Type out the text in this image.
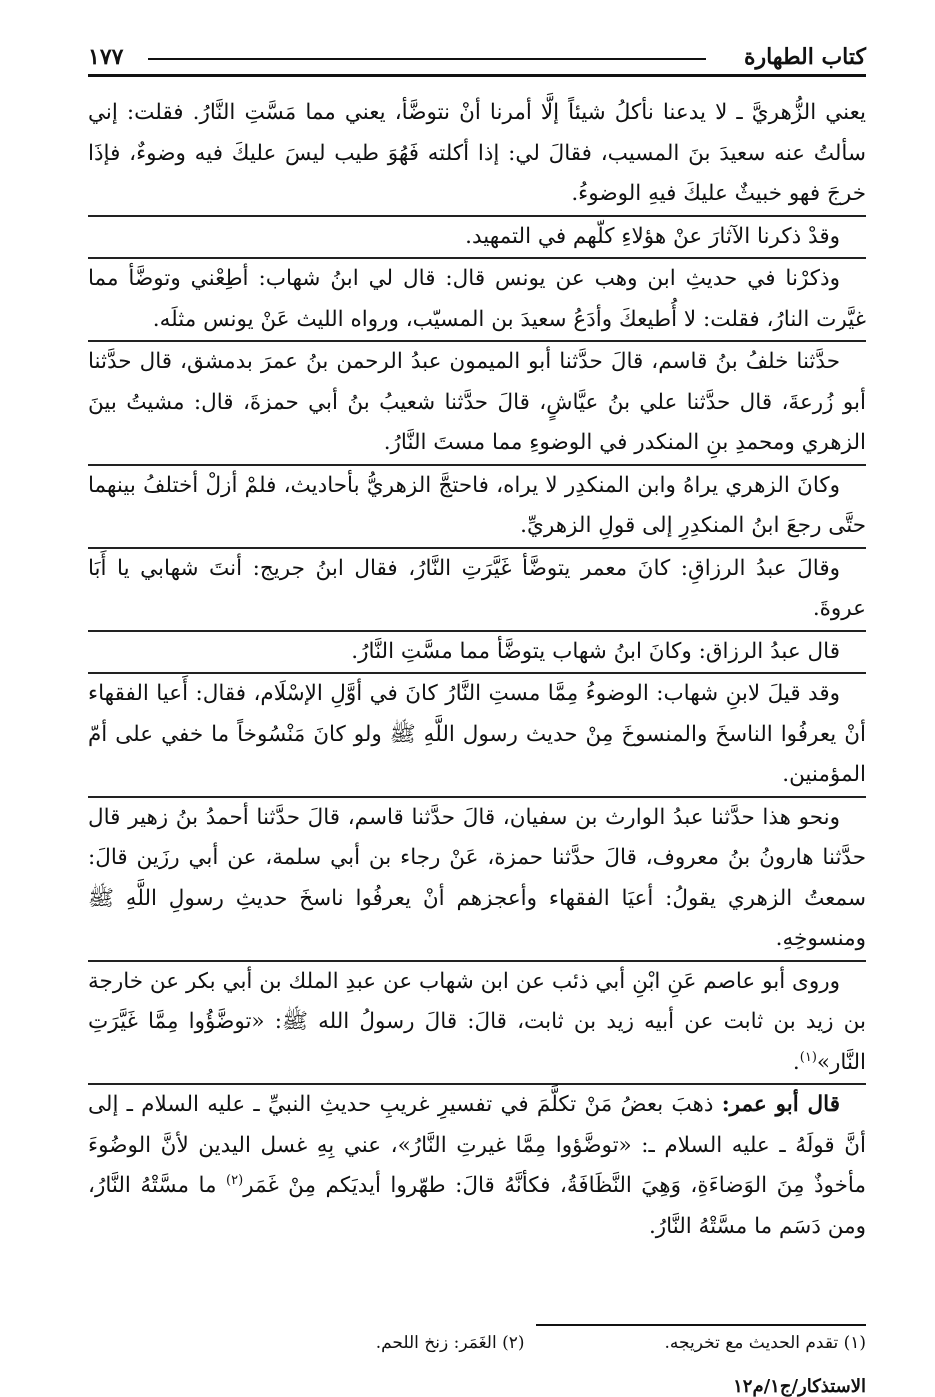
كتاب الطهارة
١٧٧

يعني الزُّهريَّ ـ لا يدعنا نأكلُ شيئاً إلَّا أمرنا أنْ نتوضَّأ، يعني مما مَسَّتِ النَّارُ. فقلت: إني سألتُ عنه سعيدَ بنَ المسيب، فقالَ لي: إذا أكلته فَهُوَ طيب ليسَ عليكَ فيه وضوءٌ، فإذَا خرجَ فهو خبيثٌ عليكَ فيهِ الوضوءُ.

وقدْ ذكرنا الآثارَ عنْ هؤلاءِ كلّهم في التمهيد.

وذكرْنا في حديثِ ابن وهب عن يونس قال: قال لي ابنُ شهاب: أطِعْني وتوضَّأ مما غيَّرت النارُ، فقلت: لا أُطيعكَ وأدَعُ سعيدَ بن المسيّب، ورواه الليث عَنْ يونس مثلَه.

حدَّثنا خلفُ بنُ قاسم، قالَ حدَّثنا أبو الميمون عبدُ الرحمن بنُ عمرَ بدمشق، قال حدَّثنا أبو زُرعةَ، قال حدَّثنا علي بنُ عيَّاشٍ، قالَ حدَّثنا شعيبُ بنُ أبي حمزةَ، قال: مشيتُ بينَ الزهري ومحمدِ بنِ المنكدر في الوضوءِ مما مستَ النَّارُ.

وكانَ الزهري يراهُ وابن المنكدِر لا يراه، فاحتجَّ الزهريُّ بأحاديث، فلمْ أزلْ أختلفُ بينهما حتَّى رجعَ ابنُ المنكدِرِ إلى قولِ الزهريِّ.

وقالَ عبدُ الرزاقِ: كانَ معمر يتوضَّأ غَيَّرَتِ النَّارُ، فقال ابنُ جريج: أنتَ شهابي يا أَبَا عروةَ.

قال عبدُ الرزاق: وكانَ ابنُ شهاب يتوضَّأ مما مسَّتِ النَّارُ.

وقد قيلَ لابنِ شهاب: الوضوءُ مِمَّا مستِ النَّارُ كانَ في أوَّلِ الإسْلَام، فقال: أَعيا الفقهاء أنْ يعرفُوا الناسخَ والمنسوخَ مِنْ حديث رسول اللَّهِ ﷺ ولو كانَ مَنْسُوخاً ما خفي على أمّ المؤمنين.

ونحو هذا حدَّثنا عبدُ الوارث بن سفيان، قالَ حدَّثنا قاسم، قالَ حدَّثنا أحمدُ بنُ زهير قال حدَّثنا هارونُ بنُ معروف، قالَ حدَّثنا حمزة، عَنْ رجاء بن أبي سلمة، عن أبي رزَين قالَ: سمعتُ الزهري يقولُ: أعيَا الفقهاء وأعجزهم أنْ يعرفُوا ناسخَ حديثِ رسولِ اللَّهِ ﷺ ومنسوخِهِ.

وروى أبو عاصم عَنِ ابْنِ أبي ذئب عن ابن شهاب عن عبدِ الملك بن أبي بكر عن خارجة بن زيد بن ثابت عن أبيه زيد بن ثابت، قالَ: قالَ رسولُ الله ﷺ: «توضَّؤُوا مِمَّا غَيَّرَتِ النَّار»$^{(١)}$.

قال أبو عمر: ذهبَ بعضُ مَنْ تكلَّمَ في تفسيرِ غريبِ حديثِ النبيِّ ـ عليه السلام ـ إلى أنَّ قولَهُ ـ عليه السلام ـ: «توضَّؤوا مِمَّا غيرتِ النَّارُ»، عني بِهِ غسل اليدين لأنَّ الوضُوءَ مأخوذٌ مِنَ الوَضاءَةِ، وَهِيَ النَّظَافَةُ، فكأنَّهُ قالَ: طهّروا أيديَكم مِنْ غَمَر$^{(٢)}$ ما مسَّتْهُ النَّارُ، ومن دَسَم ما مسَّتْهُ النَّارُ.

(١) تقدم الحديث مع تخريجه.
(٢) الغَمَر: زنخ اللحم.
الاستذكار/ج١/م١٢
